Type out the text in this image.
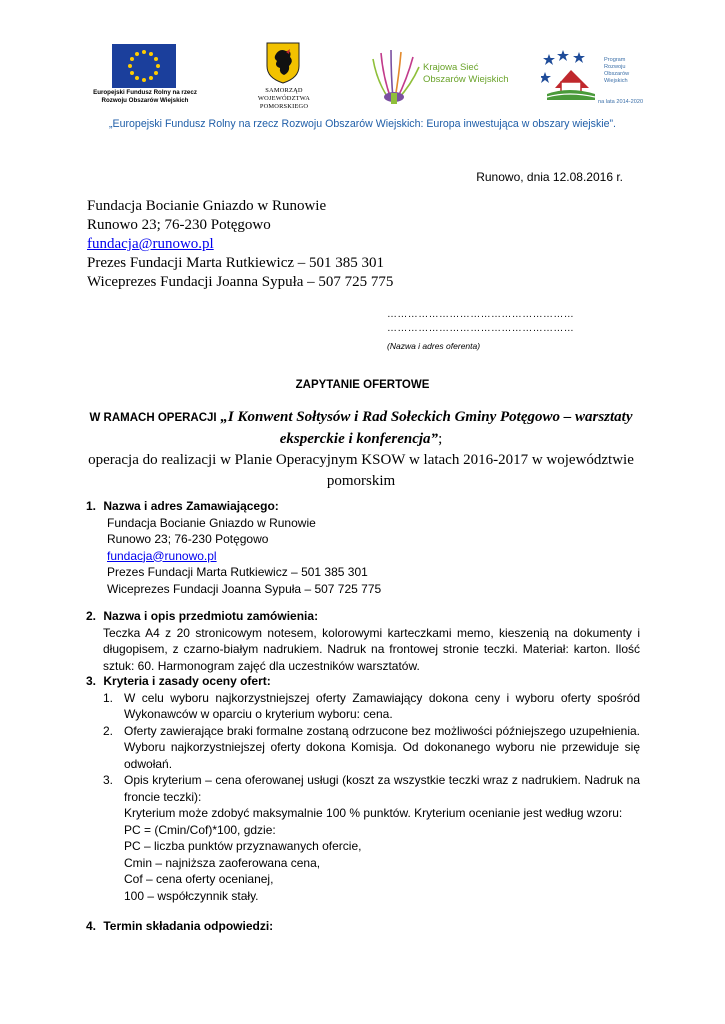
Europejski Fundusz Rolny na rzecz
Rozwoju Obszarów Wiejskich
SAMORZĄD
WOJEWÓDZTWA POMORSKIEGO
Krajowa Sieć
Obszarów Wiejskich
Program
Rozwoju
Obszarów
Wiejskich
na lata 2014-2020
„Europejski Fundusz Rolny na rzecz Rozwoju Obszarów Wiejskich: Europa inwestująca w obszary wiejskie”.
Runowo, dnia 12.08.2016 r.
Fundacja Bocianie Gniazdo w Runowie
Runowo 23; 76-230 Potęgowo
fundacja@runowo.pl
Prezes Fundacji Marta Rutkiewicz – 501 385 301
Wiceprezes Fundacji Joanna Sypuła – 507 725 775
………………………………………………
………………………………………………
(Nazwa i adres oferenta)
ZAPYTANIE OFERTOWE
W RAMACH OPERACJI „I Konwent Sołtysów i Rad Sołeckich Gminy Potęgowo – warsztaty
eksperckie i konferencja”;
operacja do realizacji w Planie Operacyjnym KSOW w latach 2016-2017 w województwie
pomorskim
1. Nazwa i adres Zamawiającego:
Fundacja Bocianie Gniazdo w Runowie
Runowo 23; 76-230 Potęgowo
fundacja@runowo.pl
Prezes Fundacji Marta Rutkiewicz – 501 385 301
Wiceprezes Fundacji Joanna Sypuła – 507 725 775
2. Nazwa i opis przedmiotu zamówienia:
Teczka A4 z 20 stronicowym notesem, kolorowymi karteczkami memo, kieszenią na dokumenty i długopisem, z czarno-białym nadrukiem. Nadruk na frontowej stronie teczki. Materiał: karton. Ilość sztuk: 60. Harmonogram zajęć dla uczestników warsztatów.
3. Kryteria i zasady oceny ofert:
1. W celu wyboru najkorzystniejszej oferty Zamawiający dokona ceny i wyboru oferty spośród Wykonawców w oparciu o kryterium wyboru: cena.
2. Oferty zawierające braki formalne zostaną odrzucone bez możliwości późniejszego uzupełnienia. Wyboru najkorzystniejszej oferty dokona Komisja. Od dokonanego wyboru nie przewiduje się odwołań.
3. Opis kryterium – cena oferowanej usługi (koszt za wszystkie teczki wraz z nadrukiem. Nadruk na froncie teczki):
Kryterium może zdobyć maksymalnie 100 % punktów. Kryterium ocenianie jest według wzoru:
PC = (Cmin/Cof)*100, gdzie:
PC – liczba punktów przyznawanych ofercie,
Cmin – najniższa zaoferowana cena,
Cof – cena oferty ocenianej,
100 – współczynnik stały.
4. Termin składania odpowiedzi:
